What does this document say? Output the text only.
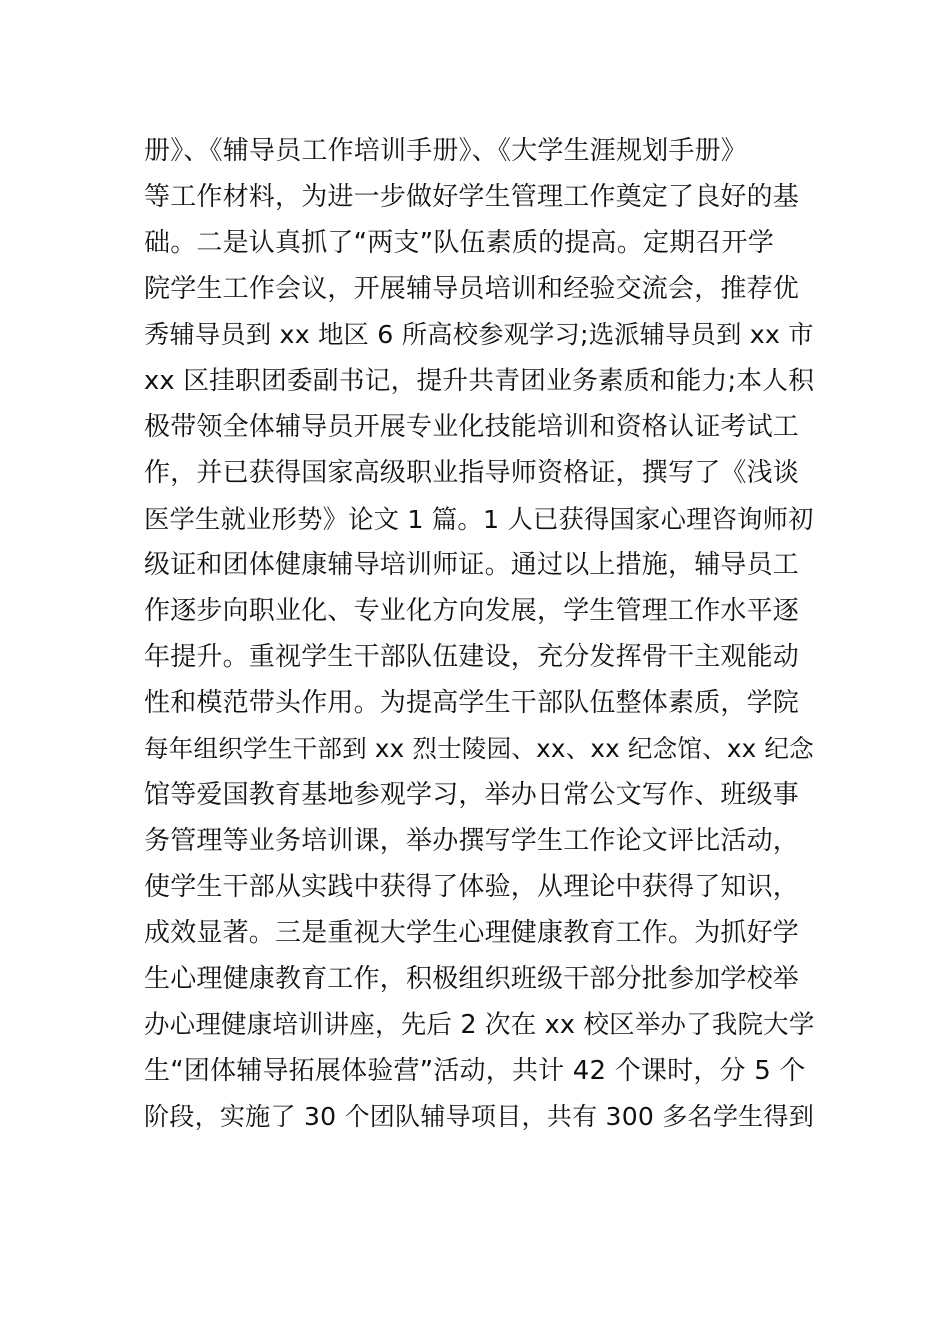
册》、《辅导员工作培训手册》、《大学生涯规划手册》
等工作材料，为进一步做好学生管理工作奠定了良好的基
础。二是认真抓了“两支”队伍素质的提高。定期召开学
院学生工作会议，开展辅导员培训和经验交流会，推荐优
秀辅导员到 xx 地区 6 所高校参观学习;选派辅导员到 xx 市
xx 区挂职团委副书记，提升共青团业务素质和能力;本人积
极带领全体辅导员开展专业化技能培训和资格认证考试工
作，并已获得国家高级职业指导师资格证，撰写了《浅谈
医学生就业形势》论文 1 篇。1 人已获得国家心理咨询师初
级证和团体健康辅导培训师证。通过以上措施，辅导员工
作逐步向职业化、专业化方向发展，学生管理工作水平逐
年提升。重视学生干部队伍建设，充分发挥骨干主观能动
性和模范带头作用。为提高学生干部队伍整体素质，学院
每年组织学生干部到 xx 烈士陵园、xx、xx 纪念馆、xx 纪念
馆等爱国教育基地参观学习，举办日常公文写作、班级事
务管理等业务培训课，举办撰写学生工作论文评比活动，
使学生干部从实践中获得了体验，从理论中获得了知识，
成效显著。三是重视大学生心理健康教育工作。为抓好学
生心理健康教育工作，积极组织班级干部分批参加学校举
办心理健康培训讲座，先后 2 次在 xx 校区举办了我院大学
生“团体辅导拓展体验营”活动，共计 42 个课时，分 5 个
阶段，实施了 30 个团队辅导项目，共有 300 多名学生得到
